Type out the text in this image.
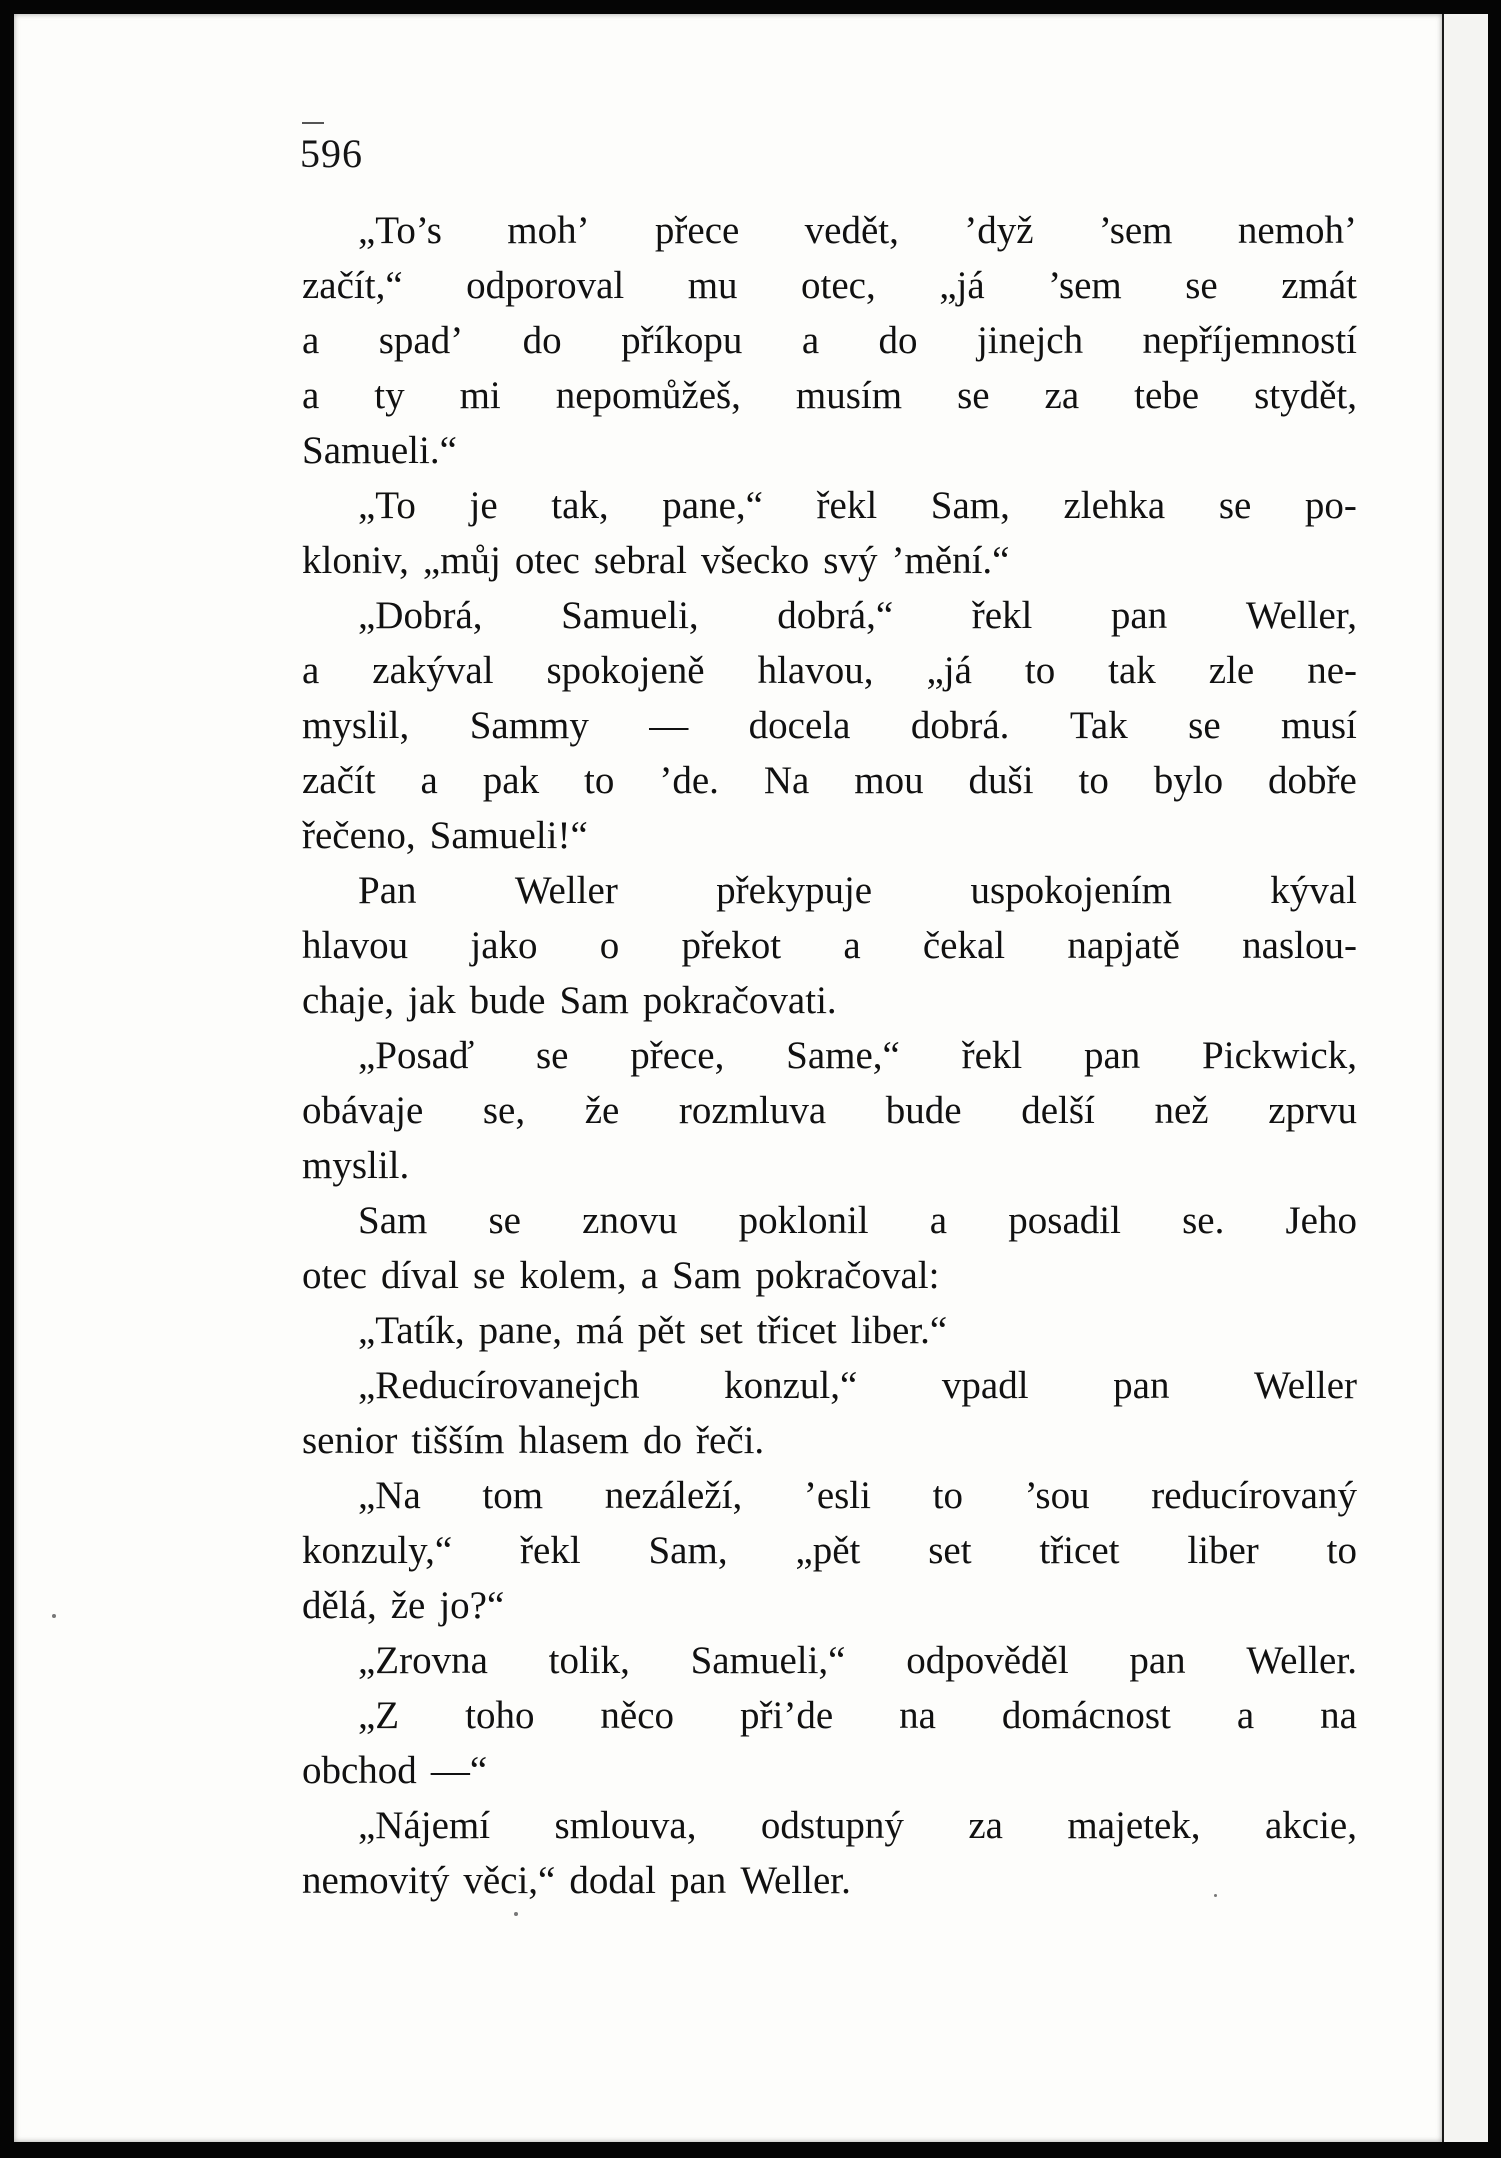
596
„To’s moh’ přece vedět, ’dyž ’sem nemoh’
začít,“ odporoval mu otec, „já ’sem se zmát
a spad’ do příkopu a do jinejch nepříjemností
a ty mi nepomůžeš, musím se za tebe stydět,
Samueli.“
„To je tak, pane,“ řekl Sam, zlehka se po-
kloniv, „můj otec sebral všecko svý ’mění.“
„Dobrá, Samueli, dobrá,“ řekl pan Weller,
a zakýval spokojeně hlavou, „já to tak zle ne-
myslil, Sammy — docela dobrá. Tak se musí
začít a pak to ’de. Na mou duši to bylo dobře
řečeno, Samueli!“
Pan	Weller	překypuje	uspokojením	kýval
hlavou jako o překot a čekal napjatě naslou-
chaje, jak bude Sam pokračovati.
„Posaď se přece, Same,“ řekl pan Pickwick,
obávaje se, že rozmluva bude delší než zprvu
myslil.
Sam se znovu poklonil a posadil se. Jeho
otec díval se kolem, a Sam pokračoval:
„Tatík, pane, má pět set třicet liber.“
„Reducírovanejch konzul,“ vpadl pan Weller
senior tišším hlasem do řeči.
„Na tom nezáleží, ’esli to ’sou reducírovaný
konzuly,“ řekl Sam, „pět set třicet liber to
dělá, že jo?“
„Zrovna tolik, Samueli,“ odpověděl pan Weller.
„Z toho něco při’de na domácnost a na
obchod —“
„Nájemí smlouva, odstupný za majetek, akcie,
nemovitý věci,“ dodal pan Weller.
